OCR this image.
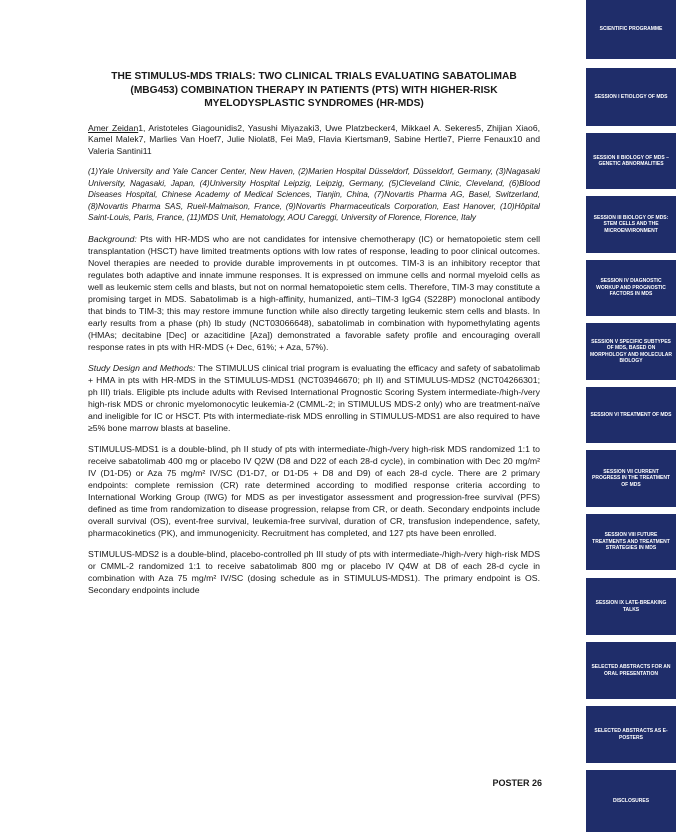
THE STIMULUS-MDS TRIALS: TWO CLINICAL TRIALS EVALUATING SABATOLIMAB (MBG453) COMBINATION THERAPY IN PATIENTS (PTS) WITH HIGHER-RISK MYELODYSPLASTIC SYNDROMES (HR-MDS)

Amer Zeidan1, Aristoteles Giagounidis2, Yasushi Miyazaki3, Uwe Platzbecker4, Mikkael A. Sekeres5, Zhijian Xiao6, Kamel Malek7, Marlies Van Hoef7, Julie Niolat8, Fei Ma9, Flavia Kiertsman9, Sabine Hertle7, Pierre Fenaux10 and Valeria Santini11

(1)Yale University and Yale Cancer Center, New Haven, (2)Marien Hospital Düsseldorf, Düsseldorf, Germany, (3)Nagasaki University, Nagasaki, Japan, (4)University Hospital Leipzig, Leipzig, Germany, (5)Cleveland Clinic, Cleveland, (6)Blood Diseases Hospital, Chinese Academy of Medical Sciences, Tianjin, China, (7)Novartis Pharma AG, Basel, Switzerland, (8)Novartis Pharma SAS, Rueil-Malmaison, France, (9)Novartis Pharmaceuticals Corporation, East Hanover, (10)Hôpital Saint-Louis, Paris, France, (11)MDS Unit, Hematology, AOU Careggi, University of Florence, Florence, Italy

Background: Pts with HR-MDS who are not candidates for intensive chemotherapy (IC) or hematopoietic stem cell transplantation (HSCT) have limited treatments options with low rates of response, leading to poor clinical outcomes. Novel therapies are needed to provide durable improvements in pt outcomes. TIM-3 is an inhibitory receptor that regulates both adaptive and innate immune responses. It is expressed on immune cells and normal myeloid cells as well as leukemic stem cells and blasts, but not on normal hematopoietic stem cells. Therefore, TIM-3 may constitute a promising target in MDS. Sabatolimab is a high-affinity, humanized, anti–TIM-3 IgG4 (S228P) monoclonal antibody that binds to TIM-3; this may restore immune function while also directly targeting leukemic stem cells and blasts. In early results from a phase (ph) Ib study (NCT03066648), sabatolimab in combination with hypomethylating agents (HMAs; decitabine [Dec] or azacitidine [Aza]) demonstrated a favorable safety profile and encouraging overall response rates in pts with HR-MDS (+ Dec, 61%; + Aza, 57%).

Study Design and Methods: The STIMULUS clinical trial program is evaluating the efficacy and safety of sabatolimab + HMA in pts with HR-MDS in the STIMULUS-MDS1 (NCT03946670; ph II) and STIMULUS-MDS2 (NCT04266301; ph III) trials. Eligible pts include adults with Revised International Prognostic Scoring System intermediate-/high-/very high-risk MDS or chronic myelomonocytic leukemia-2 (CMML-2; in STIMULUS MDS-2 only) who are treatment-naïve and ineligible for IC or HSCT. Pts with intermediate-risk MDS enrolling in STIMULUS-MDS1 are also required to have ≥5% bone marrow blasts at baseline.

STIMULUS-MDS1 is a double-blind, ph II study of pts with intermediate-/high-/very high-risk MDS randomized 1:1 to receive sabatolimab 400 mg or placebo IV Q2W (D8 and D22 of each 28-d cycle), in combination with Dec 20 mg/m² IV (D1-D5) or Aza 75 mg/m² IV/SC (D1-D7, or D1-D5 + D8 and D9) of each 28-d cycle. There are 2 primary endpoints: complete remission (CR) rate determined according to modified response criteria according to International Working Group (IWG) for MDS as per investigator assessment and progression-free survival (PFS) defined as time from randomization to disease progression, relapse from CR, or death. Secondary endpoints include overall survival (OS), event-free survival, leukemia-free survival, duration of CR, transfusion independence, safety, pharmacokinetics (PK), and immunogenicity. Recruitment has completed, and 127 pts have been enrolled.

STIMULUS-MDS2 is a double-blind, placebo-controlled ph III study of pts with intermediate-/high-/very high-risk MDS or CMML-2 randomized 1:1 to receive sabatolimab 800 mg or placebo IV Q4W at D8 of each 28-d cycle in combination with Aza 75 mg/m² IV/SC (dosing schedule as in STIMULUS-MDS1). The primary endpoint is OS. Secondary endpoints include

POSTER 26
SCIENTIFIC PROGRAMME
SESSION I ETIOLOGY OF MDS
SESSION II BIOLOGY OF MDS – GENETIC ABNORMALITIES
SESSION III BIOLOGY OF MDS: STEM CELLS AND THE MICROENVIRONMENT
SESSION IV DIAGNOSTIC WORKUP AND PROGNOSTIC FACTORS IN MDS
SESSION V SPECIFIC SUBTYPES OF MDS, BASED ON MORPHOLOGY AND MOLECULAR BIOLOGY
SESSION VI TREATMENT OF MDS
SESSION VII CURRENT PROGRESS IN THE TREATMENT OF MDS
SESSION VIII FUTURE TREATMENTS AND TREATMENT STRATEGIES IN MDS
SESSION IX LATE-BREAKING TALKS
SELECTED ABSTRACTS FOR AN ORAL PRESENTATION
SELECTED ABSTRACTS AS E-POSTERS
DISCLOSURES
